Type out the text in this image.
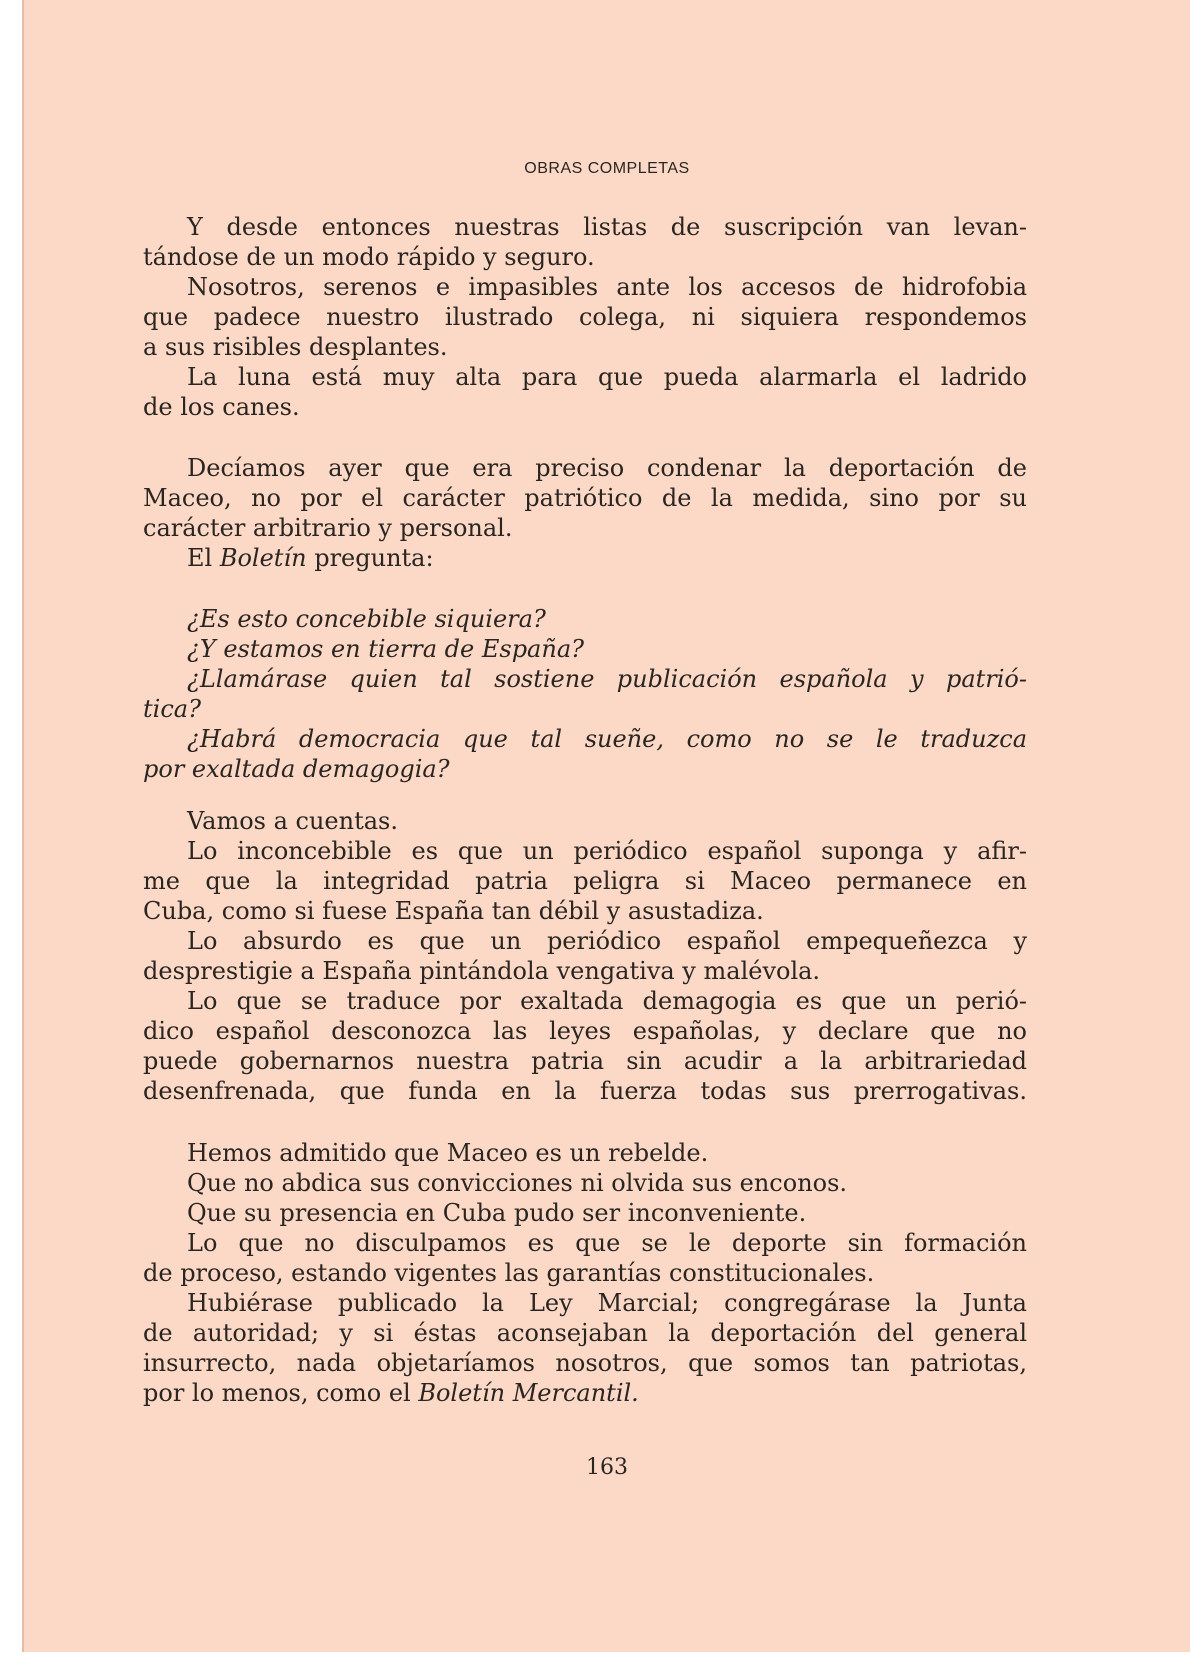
OBRAS COMPLETAS
Y desde entonces nuestras listas de suscripción van levan-
tándose de un modo rápido y seguro.
Nosotros, serenos e impasibles ante los accesos de hidrofobia
que padece nuestro ilustrado colega, ni siquiera respondemos
a sus risibles desplantes.
La luna está muy alta para que pueda alarmarla el ladrido
de los canes.
Decíamos ayer que era preciso condenar la deportación de
Maceo, no por el carácter patriótico de la medida, sino por su
carácter arbitrario y personal.
El Boletín pregunta:
¿Es esto concebible siquiera?
¿Y estamos en tierra de España?
¿Llamárase quien tal sostiene publicación española y patrió-
tica?
¿Habrá democracia que tal sueñe, como no se le traduzca
por exaltada demagogia?
Vamos a cuentas.
Lo inconcebible es que un periódico español suponga y afir-
me que la integridad patria peligra si Maceo permanece en
Cuba, como si fuese España tan débil y asustadiza.
Lo absurdo es que un periódico español empequeñezca y
desprestigie a España pintándola vengativa y malévola.
Lo que se traduce por exaltada demagogia es que un perió-
dico español desconozca las leyes españolas, y declare que no
puede gobernarnos nuestra patria sin acudir a la arbitrariedad
desenfrenada, que funda en la fuerza todas sus prerrogativas.
Hemos admitido que Maceo es un rebelde.
Que no abdica sus convicciones ni olvida sus enconos.
Que su presencia en Cuba pudo ser inconveniente.
Lo que no disculpamos es que se le deporte sin formación
de proceso, estando vigentes las garantías constitucionales.
Hubiérase publicado la Ley Marcial; congregárase la Junta
de autoridad; y si éstas aconsejaban la deportación del general
insurrecto, nada objetaríamos nosotros, que somos tan patriotas,
por lo menos, como el Boletín Mercantil.
163
